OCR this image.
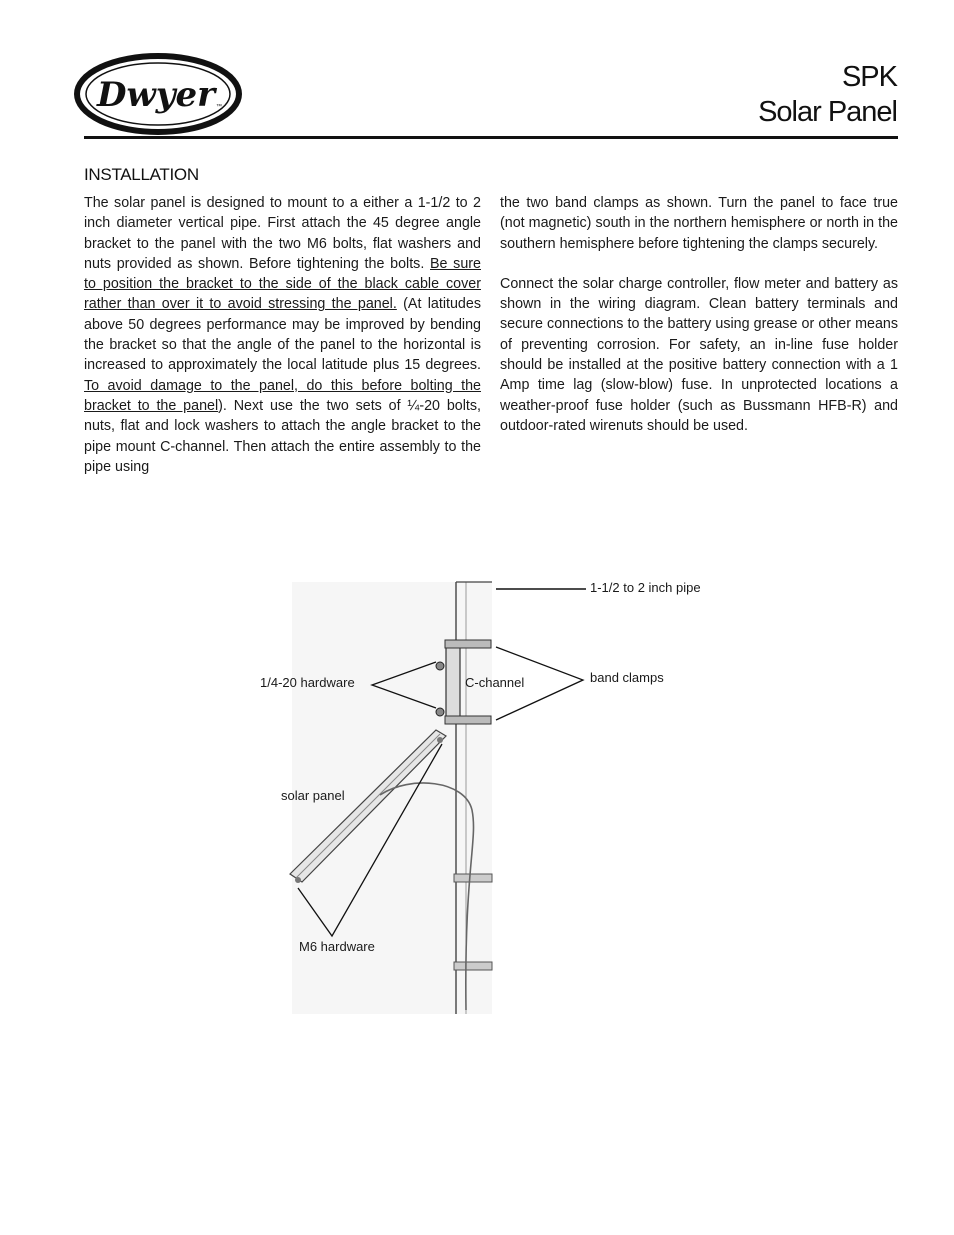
Dwyer ™
SPK
Solar Panel
INSTALLATION

The solar panel is designed to mount to a either a 1-1/2 to 2 inch diameter vertical pipe. First attach the 45 degree angle bracket to the panel with the two M6 bolts, flat washers and nuts provided as shown. Before tightening the bolts. Be sure to position the bracket to the side of the black cable cover rather than over it to avoid stressing the panel. (At latitudes above 50 degrees performance may be improved by bending the bracket so that the angle of the panel to the horizontal is increased to approximately the local latitude plus 15 degrees. To avoid damage to the panel, do this before bolting the bracket to the panel). Next use the two sets of ¼-20 bolts, nuts, flat and lock washers to attach the angle bracket to the pipe mount C-channel. Then attach the entire assembly to the pipe using

the two band clamps as shown. Turn the panel to face true (not magnetic) south in the northern hemisphere or north in the southern hemisphere before tightening the clamps securely.

Connect the solar charge controller, flow meter and battery as shown in the wiring diagram. Clean battery terminals and secure connections to the battery using grease or other means of preventing corrosion. For safety, an in-line fuse holder should be installed at the positive battery connection with a 1 Amp time lag (slow-blow) fuse. In unprotected locations a weather-proof fuse holder (such as Bussmann HFB-R) and outdoor-rated wirenuts should be used.

1-1/2 to 2 inch pipe
1/4-20 hardware	C-channel	band clamps
solar panel
M6 hardware
